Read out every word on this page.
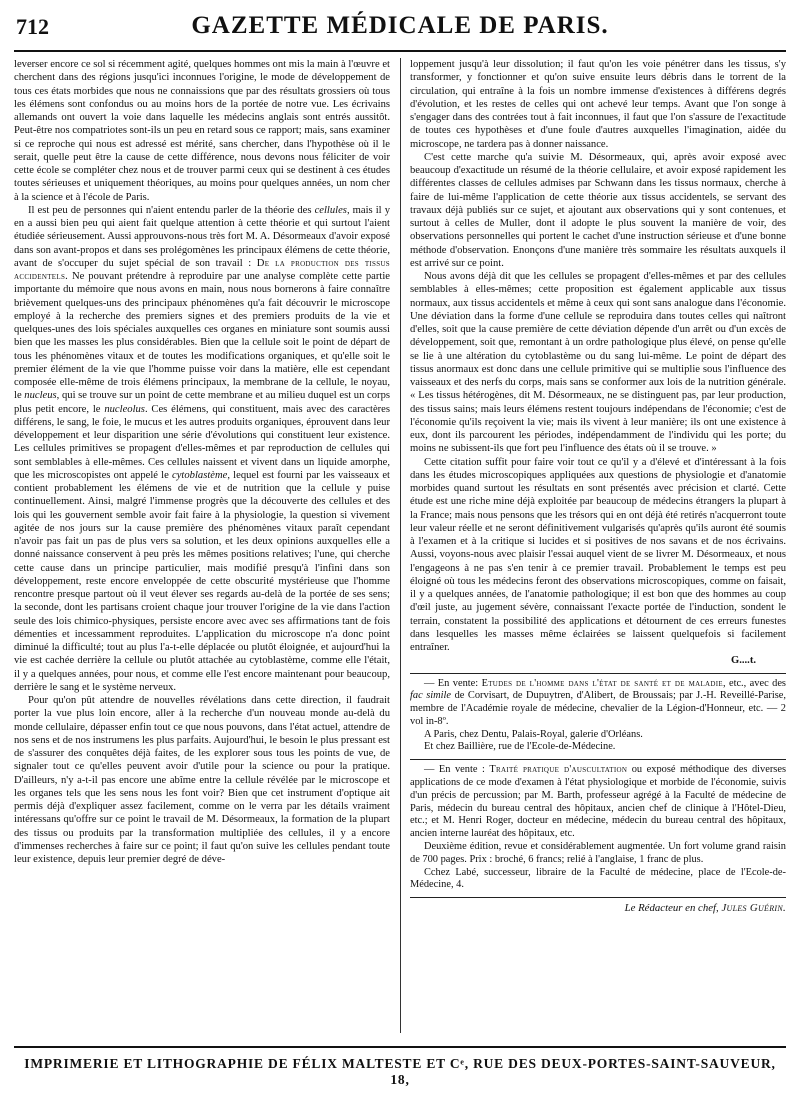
712	GAZETTE MÉDICALE DE PARIS.

leverser encore ce sol si récemment agité, quelques hommes ont mis la main à l'œuvre et cherchent dans des régions jusqu'ici inconnues l'origine, le mode de développement de tous ces états morbides que nous ne connaissions que par des résultats grossiers où tous les élémens sont confondus ou au moins hors de la portée de notre vue. Les écrivains allemands ont ouvert la voie dans laquelle les médecins anglais sont entrés aussitôt. Peut-être nos compatriotes sont-ils un peu en retard sous ce rapport; mais, sans examiner si ce reproche qui nous est adressé est mérité, sans chercher, dans l'hypothèse où il le serait, quelle peut être la cause de cette différence, nous devons nous féliciter de voir cette école se compléter chez nous et de trouver parmi ceux qui se destinent à ces études toutes sérieuses et uniquement théoriques, au moins pour quelques années, un nom cher à la science et à l'école de Paris.

Il est peu de personnes qui n'aient entendu parler de la théorie des cellules, mais il y en a aussi bien peu qui aient fait quelque attention à cette théorie et qui surtout l'aient étudiée sérieusement. Aussi approuvons-nous très fort M. A. Désormeaux d'avoir exposé dans son avant-propos et dans ses prolégomènes les principaux élémens de cette théorie, avant de s'occuper du sujet spécial de son travail : De la production des tissus accidentels. Ne pouvant prétendre à reproduire par une analyse complète cette partie importante du mémoire que nous avons en main, nous nous bornerons à faire connaître brièvement quelques-uns des principaux phénomènes qu'a fait découvrir le microscope employé à la recherche des premiers signes et des premiers produits de la vie et quelques-unes des lois spéciales auxquelles ces organes en miniature sont soumis aussi bien que les masses les plus considérables. Bien que la cellule soit le point de départ de tous les phénomènes vitaux et de toutes les modifications organiques, et qu'elle soit le premier élément de la vie que l'homme puisse voir dans la matière, elle est cependant composée elle-même de trois élémens principaux, la membrane de la cellule, le noyau, le nucleus, qui se trouve sur un point de cette membrane et au milieu duquel est un corps plus petit encore, le nucleolus. Ces élémens, qui constituent, mais avec des caractères différens, le sang, le foie, le mucus et les autres produits organiques, éprouvent dans leur développement et leur disparition une série d'évolutions qui constituent leur existence. Les cellules primitives se propagent d'elles-mêmes et par reproduction de cellules qui sont semblables à elle-mêmes. Ces cellules naissent et vivent dans un liquide amorphe, que les microscopistes ont appelé le cytoblastème, lequel est fourni par les vaisseaux et contient probablement les élémens de vie et de nutrition que la cellule y puise continuellement. Ainsi, malgré l'immense progrès que la découverte des cellules et des lois qui les gouvernent semble avoir fait faire à la physiologie, la question si vivement agitée de nos jours sur la cause première des phénomènes vitaux paraît cependant n'avoir pas fait un pas de plus vers sa solution, et les deux opinions auxquelles elle a donné naissance conservent à peu près les mêmes positions relatives; l'une, qui cherche cette cause dans un principe particulier, mais modifié presqu'à l'infini dans son développement, reste encore enveloppée de cette obscurité mystérieuse que l'homme rencontre presque partout où il veut élever ses regards au-delà de la portée de ses sens; la seconde, dont les partisans croient chaque jour trouver l'origine de la vie dans l'action seule des lois chimico-physiques, persiste encore avec avec ses affirmations tant de fois démenties et incessamment reproduites. L'application du microscope n'a donc point diminué la difficulté; tout au plus l'a-t-elle déplacée ou plutôt éloignée, et aujourd'hui la vie est cachée derrière la cellule ou plutôt attachée au cytoblastème, comme elle l'était, il y a quelques années, pour nous, et comme elle l'est encore maintenant pour beaucoup, derrière le sang et le système nerveux.

Pour qu'on pût attendre de nouvelles révélations dans cette direction, il faudrait porter la vue plus loin encore, aller à la recherche d'un nouveau monde au-delà du monde cellulaire, dépasser enfin tout ce que nous pouvons, dans l'état actuel, attendre de nos sens et de nos instrumens les plus parfaits. Aujourd'hui, le besoin le plus pressant est de s'assurer des conquêtes déjà faites, de les explorer sous tous les points de vue, de signaler tout ce qu'elles peuvent avoir d'utile pour la science ou pour la pratique. D'ailleurs, n'y a-t-il pas encore une abîme entre la cellule révélée par le microscope et les organes tels que les sens nous les font voir? Bien que cet instrument d'optique ait permis déjà d'expliquer assez facilement, comme on le verra par les détails vraiment intéressans qu'offre sur ce point le travail de M. Désormeaux, la formation de la plupart des tissus ou produits par la transformation multipliée des cellules, il y a encore d'immenses recherches à faire sur ce point; il faut qu'on suive les cellules pendant toute leur existence, depuis leur premier degré de déve-

loppement jusqu'à leur dissolution; il faut qu'on les voie pénétrer dans les tissus, s'y transformer, y fonctionner et qu'on suive ensuite leurs débris dans le torrent de la circulation, qui entraîne à la fois un nombre immense d'existences à différens degrés d'évolution, et les restes de celles qui ont achevé leur temps. Avant que l'on songe à s'engager dans des contrées tout à fait inconnues, il faut que l'on s'assure de l'exactitude de toutes ces hypothèses et d'une foule d'autres auxquelles l'imagination, aidée du microscope, ne tardera pas à donner naissance.

C'est cette marche qu'a suivie M. Désormeaux, qui, après avoir exposé avec beaucoup d'exactitude un résumé de la théorie cellulaire, et avoir exposé rapidement les différentes classes de cellules admises par Schwann dans les tissus normaux, cherche à faire de lui-même l'application de cette théorie aux tissus accidentels, se servant des travaux déjà publiés sur ce sujet, et ajoutant aux observations qui y sont contenues, et surtout à celles de Muller, dont il adopte le plus souvent la manière de voir, des observations personnelles qui portent le cachet d'une instruction sérieuse et d'une bonne méthode d'observation. Enonçons d'une manière très sommaire les résultats auxquels il est arrivé sur ce point.

Nous avons déjà dit que les cellules se propagent d'elles-mêmes et par des cellules semblables à elles-mêmes; cette proposition est également applicable aux tissus normaux, aux tissus accidentels et même à ceux qui sont sans analogue dans l'économie. Une déviation dans la forme d'une cellule se reproduira dans toutes celles qui naîtront d'elles, soit que la cause première de cette déviation dépende d'un arrêt ou d'un excès de développement, soit que, remontant à un ordre pathologique plus élevé, on pense qu'elle se lie à une altération du cytoblastème ou du sang lui-même. Le point de départ des tissus anormaux est donc dans une cellule primitive qui se multiplie sous l'influence des vaisseaux et des nerfs du corps, mais sans se conformer aux lois de la nutrition générale. « Les tissus hétérogènes, dit M. Désormeaux, ne se distinguent pas, par leur production, des tissus sains; mais leurs élémens restent toujours indépendans de l'économie; c'est de l'économie qu'ils reçoivent la vie; mais ils vivent à leur manière; ils ont une existence à eux, dont ils parcourent les périodes, indépendamment de l'individu qui les porte; du moins ne subissent-ils que fort peu l'influence des états où il se trouve. »

Cette citation suffit pour faire voir tout ce qu'il y a d'élevé et d'intéressant à la fois dans les études microscopiques appliquées aux questions de physiologie et d'anatomie morbides quand surtout les résultats en sont présentés avec précision et clarté. Cette étude est une riche mine déjà exploitée par beaucoup de médecins étrangers la plupart à la France; mais nous pensons que les trésors qui en ont déjà été retirés n'acquerront toute leur valeur réelle et ne seront définitivement vulgarisés qu'après qu'ils auront été soumis à l'examen et à la critique si lucides et si positives de nos savans et de nos écrivains. Aussi, voyons-nous avec plaisir l'essai auquel vient de se livrer M. Désormeaux, et nous l'engageons à ne pas s'en tenir à ce premier travail. Probablement le temps est peu éloigné où tous les médecins feront des observations microscopiques, comme on faisait, il y a quelques années, de l'anatomie pathologique; il est bon que des hommes au coup d'œil juste, au jugement sévère, connaissant l'exacte portée de l'induction, sondent le terrain, constatent la possibilité des applications et détournent de ces erreurs funestes dans lesquelles les masses même éclairées se laissent quelquefois si facilement entraîner.

G....t.

— En vente: Etudes de l'homme dans l'état de santé et de maladie, etc., avec des fac simile de Corvisart, de Dupuytren, d'Alibert, de Broussais; par J.-H. Reveillé-Parise, membre de l'Académie royale de médecine, chevalier de la Légion-d'Honneur, etc. — 2 vol in-8º.

A Paris, chez Dentu, Palais-Royal, galerie d'Orléans.

Et chez Baillière, rue de l'Ecole-de-Médecine.

— En vente : Traité pratique d'auscultation ou exposé méthodique des diverses applications de ce mode d'examen à l'état physiologique et morbide de l'économie, suivis d'un précis de percussion; par M. Barth, professeur agrégé à la Faculté de médecine de Paris, médecin du bureau central des hôpitaux, ancien chef de clinique à l'Hôtel-Dieu, etc.; et M. Henri Roger, docteur en médecine, médecin du bureau central des hôpitaux, ancien interne lauréat des hôpitaux, etc.

Deuxième édition, revue et considérablement augmentée. Un fort volume grand raisin de 700 pages. Prix : broché, 6 francs; relié à l'anglaise, 1 franc de plus.

Cchez Labé, successeur, libraire de la Faculté de médecine, place de l'Ecole-de-Médecine, 4.

Le Rédacteur en chef, Jules Guérin.
IMPRIMERIE ET LITHOGRAPHIE DE FÉLIX MALTESTE ET Cᵉ, RUE DES DEUX-PORTES-SAINT-SAUVEUR, 18,
